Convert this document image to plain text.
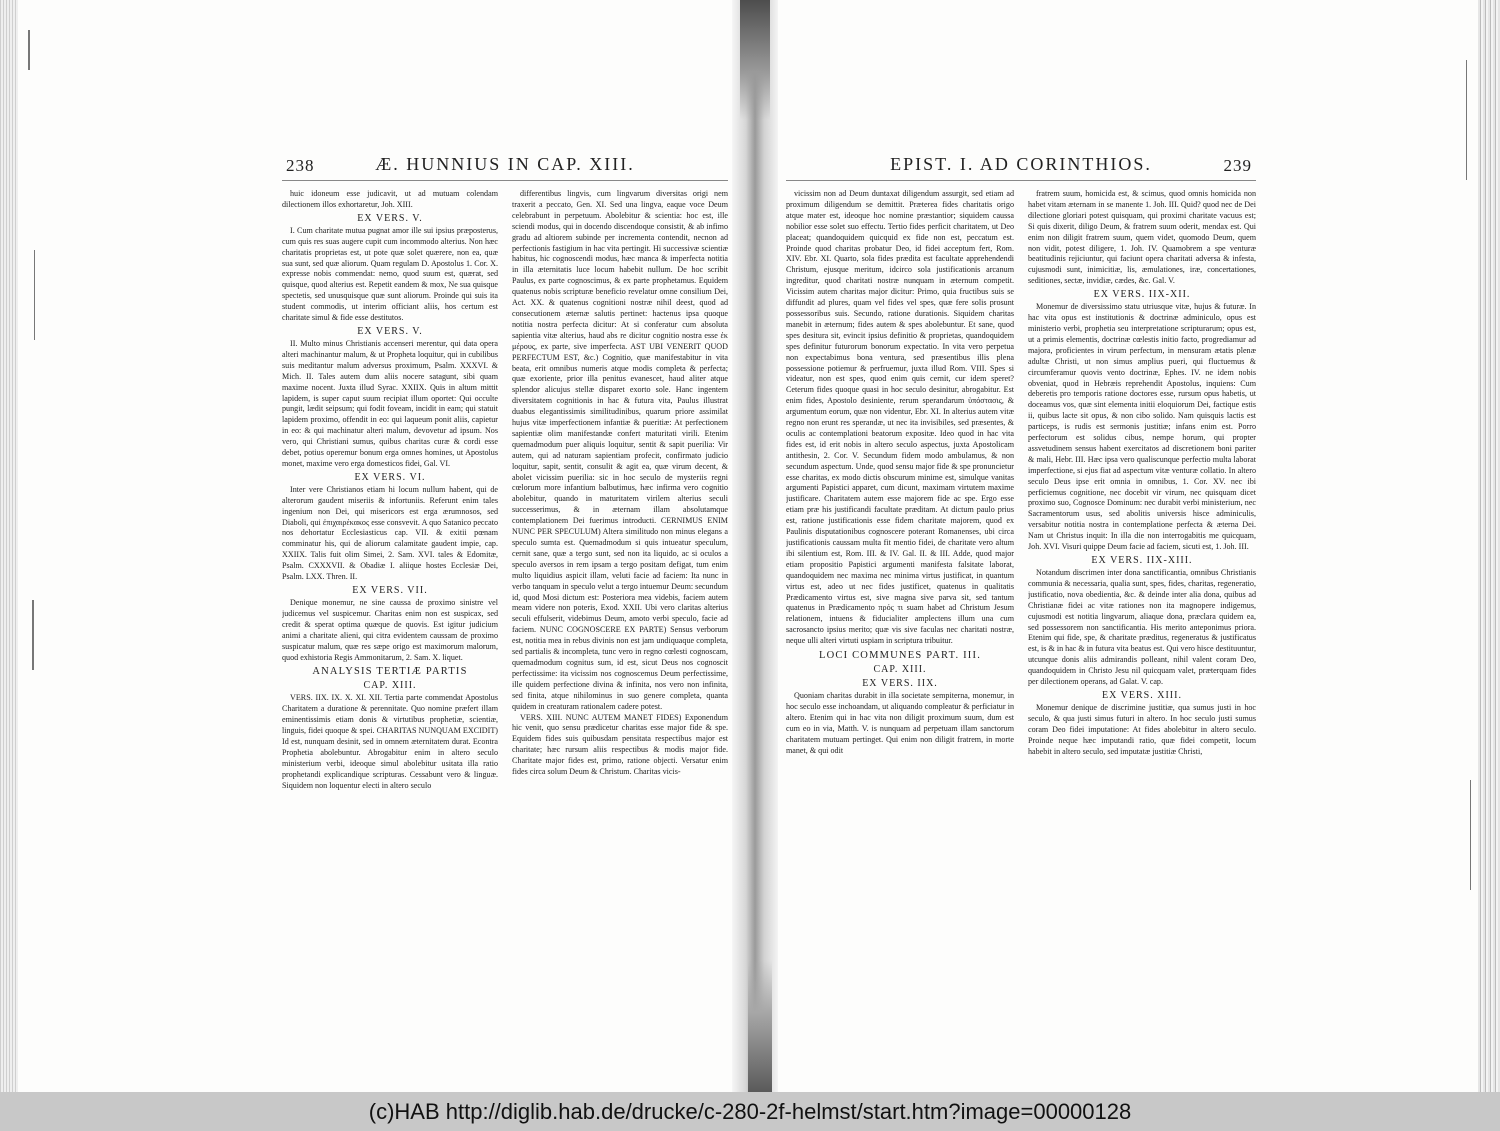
238	Æ. HUNNIUS IN CAP. XIII.

huic idoneum esse judicavit, ut ad mutuam colendam dilectionem illos exhortaretur, Joh. XIII.

EX VERS. V.

I. Cum charitate mutua pugnat amor ille sui ipsius præposterus, cum quis res suas augere cupit cum incommodo alterius. Non hæc charitatis proprietas est, ut pote quæ solet quærere, non ea, quæ sua sunt, sed quæ aliorum. Quam regulam D. Apostolus 1. Cor. X. expresse nobis commendat: nemo, quod suum est, quærat, sed quisque, quod alterius est. Repetit eandem & mox, Ne sua quisque spectetis, sed unusquisque quæ sunt aliorum. Proinde qui suis ita student commodis, ut interim officiant aliis, hos certum est charitate simul & fide esse destitutos.

EX VERS. V.

II. Multo minus Christianis accenseri merentur, qui data opera alteri machinantur malum, & ut Propheta loquitur, qui in cubilibus suis meditantur malum adversus proximum, Psalm. XXXVI. & Mich. II. Tales autem dum aliis nocere satagunt, sibi quam maxime nocent. Juxta illud Syrac. XXIIX. Quis in altum mittit lapidem, is super caput suum recipiat illum oportet: Qui occulte pungit, lædit seipsum; qui fodit foveam, incidit in eam; qui statuit lapidem proximo, offendit in eo: qui laqueum ponit aliis, capietur in eo: & qui machinatur alteri malum, devovetur ad ipsum. Nos vero, qui Christiani sumus, quibus charitas curæ & cordi esse debet, potius operemur bonum erga omnes homines, ut Apostolus monet, maxime vero erga domesticos fidei, Gal. VI.

EX VERS. VI.

Inter vere Christianos etiam hi locum nullum habent, qui de alterorum gaudent miseriis & infortuniis. Referunt enim tales ingenium non Dei, qui misericors est erga ærumnosos, sed Diaboli, qui ἐπιχαιρέκακος esse consvevit. A quo Satanico peccato nos dehortatur Ecclesiasticus cap. VII. & exitii pœnam comminatur his, qui de aliorum calamitate gaudent impie, cap. XXIIX. Talis fuit olim Simei, 2. Sam. XVI. tales & Edomitæ, Psalm. CXXXVII. & Obadiæ I. aliique hostes Ecclesiæ Dei, Psalm. LXX. Thren. II.

EX VERS. VII.

Denique monemur, ne sine caussa de proximo sinistre vel judicemus vel suspicemur. Charitas enim non est suspicax, sed credit & sperat optima quæque de quovis. Est igitur judicium animi a charitate alieni, qui citra evidentem caussam de proximo suspicatur malum, quæ res sæpe origo est maximorum malorum, quod exhistoria Regis Ammonitarum, 2. Sam. X. liquet.

ANALYSIS TERTIÆ PARTIS
CAP. XIII.

VERS. IIX. IX. X. XI. XII. Tertia parte commendat Apostolus Charitatem a duratione & perennitate. Quo nomine præfert illam eminentissimis etiam donis & virtutibus prophetiæ, scientiæ, linguis, fidei quoque & spei. CHARITAS NUNQUAM EXCIDIT) Id est, nunquam desinit, sed in omnem æternitatem durat. Econtra Prophetia abolebuntur. Abrogabitur enim in altero seculo ministerium verbi, ideoque simul abolebitur usitata illa ratio prophetandi explicandique scripturas. Cessabunt vero & linguæ. Siquidem non loquentur electi in altero seculo

differentibus lingvis, cum lingvarum diversitas origi nem traxerit a peccato, Gen. XI. Sed una lingva, eaque voce Deum celebrabunt in perpetuum. Abolebitur & scientia: hoc est, ille sciendi modus, qui in docendo discendoque consistit, & ab infimo gradu ad altiorem subinde per incrementa contendit, necnon ad perfectionis fastigium in hac vita pertingit. Hi successivæ scientiæ habitus, hic cognoscendi modus, hæc manca & imperfecta notitia in illa æternitatis luce locum habebit nullum. De hoc scribit Paulus, ex parte cognoscimus, & ex parte prophetamus. Equidem quatenus nobis scripturæ beneficio revelatur omne consilium Dei, Act. XX. & quatenus cognitioni nostræ nihil deest, quod ad consecutionem æternæ salutis pertinet: hactenus ipsa quoque notitia nostra perfecta dicitur: At si conferatur cum absoluta sapientia vitæ alterius, haud abs re dicitur cognitio nostra esse ἐκ μέρους, ex parte, sive imperfecta. AST UBI VENERIT QUOD PERFECTUM EST, &c.) Cognitio, quæ manifestabitur in vita beata, erit omnibus numeris atque modis completa & perfecta; quæ exoriente, prior illa penitus evanescet, haud aliter atque splendor alicujus stellæ disparet exorto sole. Hanc ingentem diversitatem cognitionis in hac & futura vita, Paulus illustrat duabus elegantissimis similitudinibus, quarum priore assimilat hujus vitæ imperfectionem infantiæ & pueritiæ: At perfectionem sapientiæ olim manifestandæ confert maturitati virili. Etenim quemadmodum puer aliquis loquitur, sentit & sapit puerilia: Vir autem, qui ad naturam sapientiam profecit, confirmato judicio loquitur, sapit, sentit, consulit & agit ea, quæ virum decent, & abolet vicissim puerilia: sic in hoc seculo de mysteriis regni cœlorum more infantium balbutimus, hæc infirma vero cognitio abolebitur, quando in maturitatem virilem alterius seculi successerimus, & in æternam illam absolutamque contemplationem Dei fuerimus introducti. CERNIMUS ENIM NUNC PER SPECULUM) Altera similitudo non minus elegans a speculo sumta est. Quemadmodum si quis intueatur speculum, cernit sane, quæ a tergo sunt, sed non ita liquido, ac si oculos a speculo aversos in rem ipsam a tergo positam defigat, tum enim multo liquidius aspicit illam, veluti facie ad faciem: Ita nunc in verbo tanquam in speculo velut a tergo intuemur Deum: secundum id, quod Mosi dictum est: Posteriora mea videbis, faciem autem meam videre non poteris, Exod. XXII. Ubi vero claritas alterius seculi effulserit, videbimus Deum, amoto verbi speculo, facie ad faciem. NUNC COGNOSCERE EX PARTE) Sensus verborum est, notitia mea in rebus divinis non est jam undiquaque completa, sed partialis & incompleta, tunc vero in regno cœlesti cognoscam, quemadmodum cognitus sum, id est, sicut Deus nos cognoscit perfectissime: ita vicissim nos cognoscemus Deum perfectissime, ille quidem perfectione divina & infinita, nos vero non infinita, sed finita, atque nihilominus in suo genere completa, quanta quidem in creaturam rationalem cadere potest.

VERS. XIII. NUNC AUTEM MANET FIDES) Exponendum hic venit, quo sensu prædicetur charitas esse major fide & spe. Equidem fides suis quibusdam pensitata respectibus major est charitate; hæc rursum aliis respectibus & modis major fide. Charitate major fides est, primo, ratione objecti. Versatur enim fides circa solum Deum & Christum. Charitas vicis-

EPIST. I. AD CORINTHIOS.	239

vicissim non ad Deum duntaxat diligendum assurgit, sed etiam ad proximum diligendum se demittit. Præterea fides charitatis origo atque mater est, ideoque hoc nomine præstantior; siquidem caussa nobilior esse solet suo effectu. Tertio fides perficit charitatem, ut Deo placeat; quandoquidem quicquid ex fide non est, peccatum est. Proinde quod charitas probatur Deo, id fidei acceptum fert, Rom. XIV. Ebr. XI. Quarto, sola fides prædita est facultate apprehendendi Christum, ejusque meritum, idcirco sola justificationis arcanum ingreditur, quod charitati nostræ nunquam in æternum competit. Vicissim autem charitas major dicitur: Primo, quia fructibus suis se diffundit ad plures, quam vel fides vel spes, quæ fere solis prosunt possessoribus suis. Secundo, ratione durationis. Siquidem charitas manebit in æternum; fides autem & spes abolebuntur. Et sane, quod spes desitura sit, evincit ipsius definitio & proprietas, quandoquidem spes definitur futurorum bonorum expectatio. In vita vero perpetua non expectabimus bona ventura, sed præsentibus illis plena possessione potiemur & perfruemur, juxta illud Rom. VIII. Spes si videatur, non est spes, quod enim quis cernit, cur idem speret? Ceterum fides quoque quasi in hoc seculo desinitur, abrogabitur. Est enim fides, Apostolo desiniente, rerum sperandarum ὑπόστασις, & argumentum eorum, quæ non videntur, Ebr. XI. In alterius autem vitæ regno non erunt res sperandæ, ut nec ita invisibiles, sed præsentes, & oculis ac contemplationi beatorum expositæ. Ideo quod in hac vita fides est, id erit nobis in altero seculo aspectus, juxta Apostolicam antithesin, 2. Cor. V. Secundum fidem modo ambulamus, & non secundum aspectum. Unde, quod sensu major fide & spe pronuncietur esse charitas, ex modo dictis obscurum minime est, simulque vanitas argumenti Papistici apparet, cum dicunt, maximam virtutem maxime justificare. Charitatem autem esse majorem fide ac spe. Ergo esse etiam præ his justificandi facultate præditam. At dictum paulo prius est, ratione justificationis esse fidem charitate majorem, quod ex Paulinis disputationibus cognoscere poterant Romanenses, ubi circa justificationis caussam multa fit mentio fidei, de charitate vero altum ibi silentium est, Rom. III. & IV. Gal. II. & III. Adde, quod major etiam propositio Papistici argumenti manifesta falsitate laborat, quandoquidem nec maxima nec minima virtus justificat, in quantum virtus est, adeo ut nec fides justificet, quatenus in qualitatis Prædicamento virtus est, sive magna sive parva sit, sed tantum quatenus in Prædicamento πρός τι suam habet ad Christum Jesum relationem, intuens & fiducialiter amplectens illum una cum sacrosancto ipsius merito; quæ vis sive faculas nec charitati nostræ, neque ulli alteri virtuti uspiam in scriptura tribuitur.

LOCI COMMUNES PART. III.
CAP. XIII.
EX VERS. IIX.

Quoniam charitas durabit in illa societate sempiterna, monemur, in hoc seculo esse inchoandam, ut aliquando compleatur & perficiatur in altero. Etenim qui in hac vita non diligit proximum suum, dum est cum eo in via, Matth. V. is nunquam ad perpetuam illam sanctorum charitatem mutuam pertinget. Qui enim non diligit fratrem, in morte manet, & qui odit

fratrem suum, homicida est, & scimus, quod omnis homicida non habet vitam æternam in se manente 1. Joh. III. Quid? quod nec de Dei dilectione gloriari potest quisquam, qui proximi charitate vacuus est; Si quis dixerit, diligo Deum, & fratrem suum oderit, mendax est. Qui enim non diligit fratrem suum, quem videt, quomodo Deum, quem non vidit, potest diligere, 1. Joh. IV. Quamobrem a spe venturæ beatitudinis rejiciuntur, qui faciunt opera charitati adversa & infesta, cujusmodi sunt, inimicitiæ, lis, æmulationes, iræ, concertationes, seditiones, sectæ, invidiæ, cædes, &c. Gal. V.

EX VERS. IIX-XII.

Monemur de diversissimo statu utriusque vitæ, hujus & futuræ. In hac vita opus est institutionis & doctrinæ adminiculo, opus est ministerio verbi, prophetia seu interpretatione scripturarum; opus est, ut a primis elementis, doctrinæ cœlestis initio facto, progrediamur ad majora, proficientes in virum perfectum, in mensuram ætatis plenæ adultæ Christi, ut non simus amplius pueri, qui fluctuemus & circumferamur quovis vento doctrinæ, Ephes. IV. ne idem nobis obveniat, quod in Hebræis reprehendit Apostolus, inquiens: Cum deberetis pro temporis ratione doctores esse, rursum opus habetis, ut doceamus vos, quæ sint elementa initii eloquiorum Dei, factique estis ii, quibus lacte sit opus, & non cibo solido. Nam quisquis lactis est particeps, is rudis est sermonis justitiæ; infans enim est. Porro perfectorum est solidus cibus, nempe horum, qui propter assvetudinem sensus habent exercitatos ad discretionem boni pariter & mali, Hebr. III. Hæc ipsa vero qualiscunque perfectio multa laborat imperfectione, si ejus fiat ad aspectum vitæ venturæ collatio. In altero seculo Deus ipse erit omnia in omnibus, 1. Cor. XV. nec ibi perficiemus cognitione, nec docebit vir virum, nec quisquam dicet proximo suo, Cognosce Dominum: nec durabit verbi ministerium, nec Sacramentorum usus, sed abolitis universis hisce adminiculis, versabitur notitia nostra in contemplatione perfecta & æterna Dei. Nam ut Christus inquit: In illa die non interrogabitis me quicquam, Joh. XVI. Visuri quippe Deum facie ad faciem, sicuti est, 1. Joh. III.

EX VERS. IIX-XIII.

Notandum discrimen inter dona sanctificantia, omnibus Christianis communia & necessaria, qualia sunt, spes, fides, charitas, regeneratio, justificatio, nova obedientia, &c. & deinde inter alia dona, quibus ad Christianæ fidei ac vitæ rationes non ita magnopere indigemus, cujusmodi est notitia lingvarum, aliaque dona, præclara quidem ea, sed possessorem non sanctificantia. His merito anteponimus priora. Etenim qui fide, spe, & charitate præditus, regeneratus & justificatus est, is & in hac & in futura vita beatus est. Qui vero hisce destituuntur, utcunque donis aliis admirandis polleant, nihil valent coram Deo, quandoquidem in Christo Jesu nil quicquam valet, præterquam fides per dilectionem operans, ad Galat. V. cap.

EX VERS. XIII.

Monemur denique de discrimine justitiæ, qua sumus justi in hoc seculo, & qua justi simus futuri in altero. In hoc seculo justi sumus coram Deo fidei imputatione: At fides abolebitur in altero seculo. Proinde neque hæc imputandi ratio, quæ fidei competit, locum habebit in altero seculo, sed imputatæ justitiæ Christi,

(c)HAB http://diglib.hab.de/drucke/c-280-2f-helmst/start.htm?image=00000128
